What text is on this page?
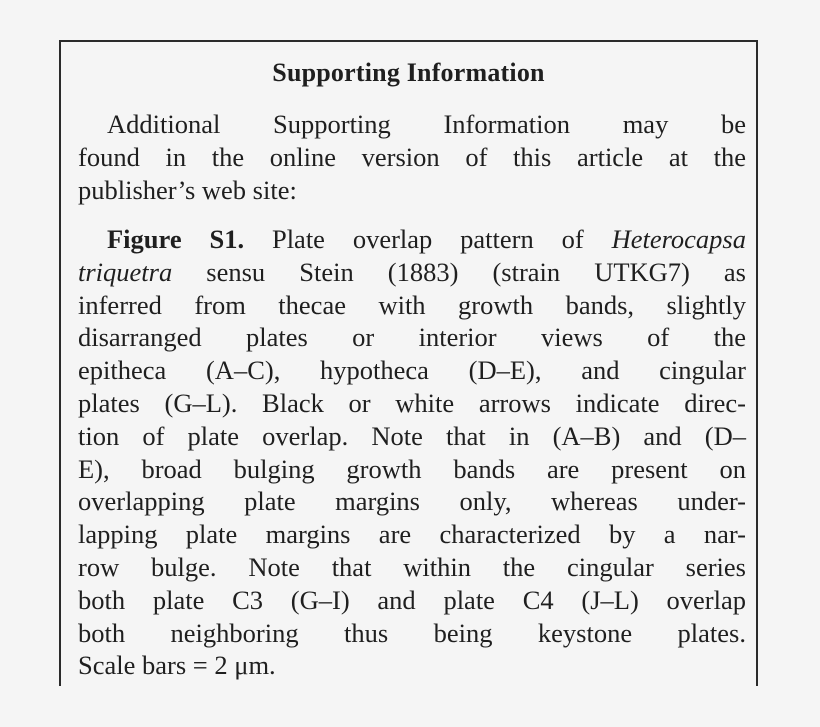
Supporting Information
Additional Supporting Information may be
found in the online version of this article at the
publisher’s web site:
Figure S1. Plate overlap pattern of Heterocapsa
triquetra sensu Stein (1883) (strain UTKG7) as
inferred from thecae with growth bands, slightly
disarranged plates or interior views of the
epitheca (A–C), hypotheca (D–E), and cingular
plates (G–L). Black or white arrows indicate direc-
tion of plate overlap. Note that in (A–B) and (D–
E), broad bulging growth bands are present on
overlapping plate margins only, whereas under-
lapping plate margins are characterized by a nar-
row bulge. Note that within the cingular series
both plate C3 (G–I) and plate C4 (J–L) overlap
both neighboring thus being keystone plates.
Scale bars = 2 μm.
